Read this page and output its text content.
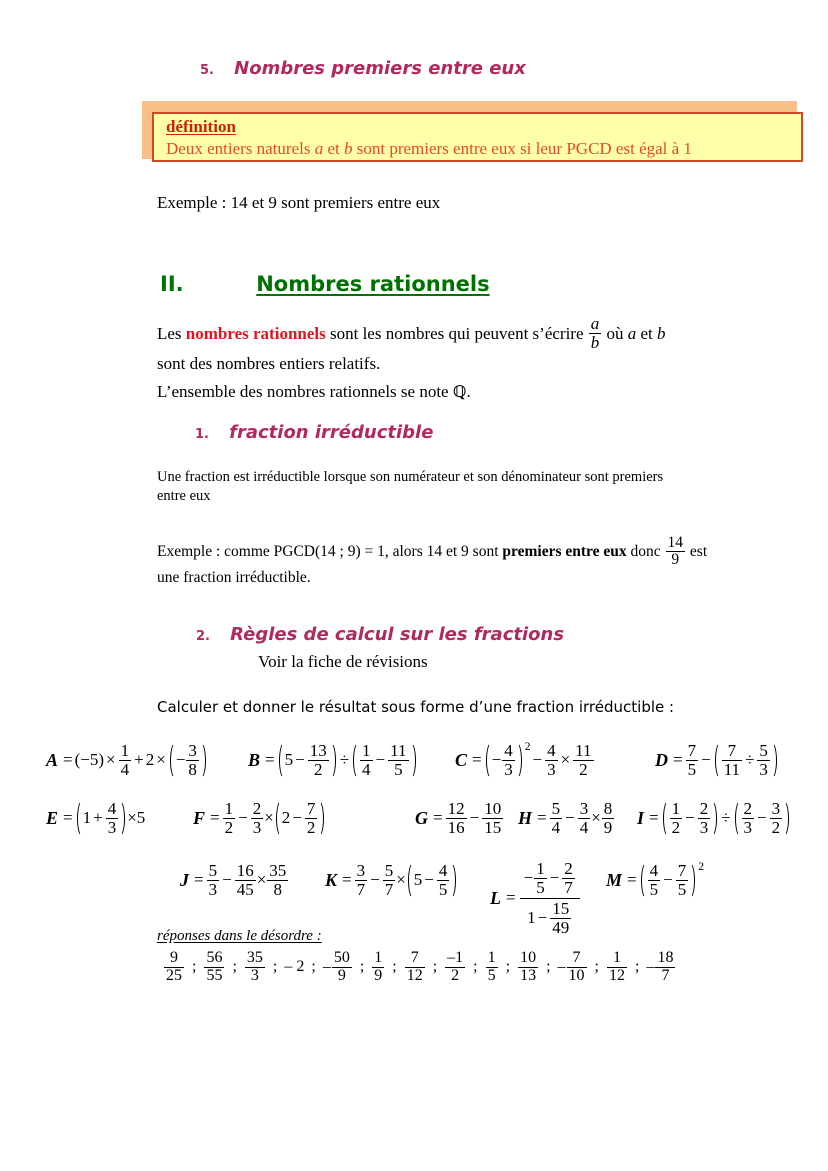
5. Nombres premiers entre eux
définition
Deux entiers naturels a et b sont premiers entre eux si leur PGCD est égal à 1
Exemple : 14 et 9 sont premiers entre eux
II.	Nombres rationnels
Les nombres rationnels sont les nombres qui peuvent s’écrire $\frac{a}{b}$ où a et b
sont des nombres entiers relatifs.
L’ensemble des nombres rationnels se note ℚ.
1. fraction irréductible
Une fraction est irréductible lorsque son numérateur et son dénominateur sont premiers
entre eux
Exemple : comme PGCD(14 ; 9) = 1, alors 14 et 9 sont premiers entre eux donc $\frac{14}{9}$ est
une fraction irréductible.
2. Règles de calcul sur les fractions
Voir la fiche de révisions
Calculer et donner le résultat sous forme d’une fraction irréductible :
A = ( − 5 ) × $\frac{1}{4} + 2$ × − $\frac{3}{8}$	$B = 5 - \frac{13}{2} \div \frac{1}{4} - \frac{11}{5}$	C = − $\frac{4}{3} 2$
− $\frac{4}{3} \times \frac{11}{2}$	$D = \frac{7}{5} - \frac{7}{11} \div \frac{5}{3}$
$E = 1 + \frac{4}{3} \times 5$	$F = \frac{1}{2} - \frac{2}{3} \times 2 - \frac{7}{2}$	$G = \frac{12}{16} - \frac{10}{15}$ $H = \frac{5}{4} - \frac{3}{4} \times \frac{8}{9}$ $I = \frac{1}{2} - \frac{2}{3} \div \frac{2}{3} - \frac{3}{2}$
$J = \frac{5}{3} - \frac{16}{45} \times \frac{35}{8}$ $K = \frac{3}{7} - \frac{5}{7} \times 5 - \frac{4}{5}$ $L = \frac{- \frac{1}{5} - \frac{2}{7}}{1 - \frac{15}{49}}$ $M = \frac{4}{5} - \frac{7}{5} 2$
réponses dans le désordre :
$\frac{9}{25}$ ; $\frac{56}{55}$ ; $\frac{35}{3}$ ; – 2 ; – $\frac{50}{9}$ ; $\frac{1}{9}$ ; $\frac{7}{12}$ ; $\frac{-1}{2}$ ; $\frac{1}{5}$ ; $\frac{10}{13}$ ; – $\frac{7}{10}$ ; $\frac{1}{12}$ ; – $\frac{18}{7}$
